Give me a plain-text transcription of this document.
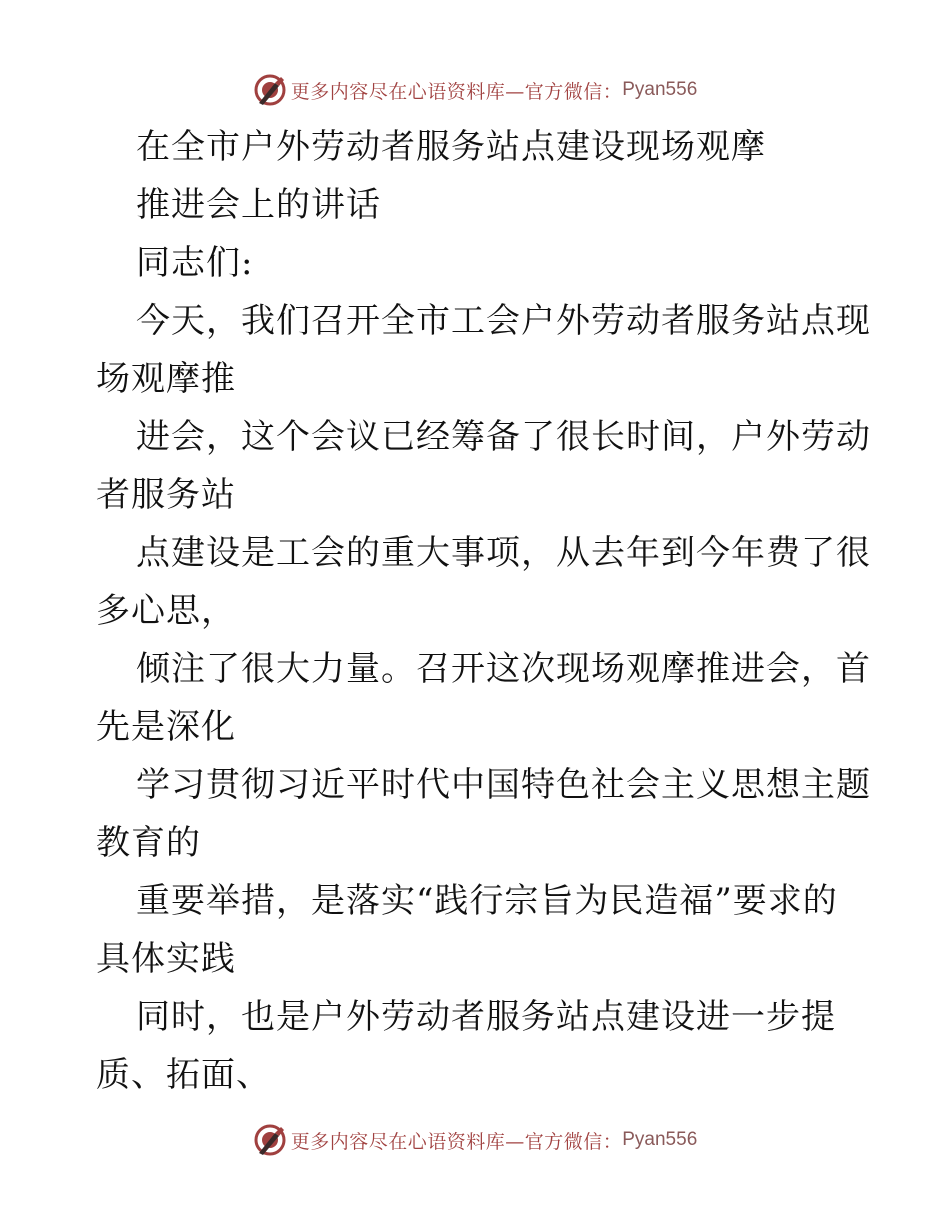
更多内容尽在心语资料库—官方微信： Pyan556
在全市户外劳动者服务站点建设现场观摩
推进会上的讲话
同志们:
今天，我们召开全市工会户外劳动者服务站点现
场观摩推
进会，这个会议已经筹备了很长时间，户外劳动
者服务站
点建设是工会的重大事项，从去年到今年费了很
多心思，
倾注了很大力量。召开这次现场观摩推进会，首
先是深化
学习贯彻习近平时代中国特色社会主义思想主题
教育的
重要举措，是落实“践行宗旨为民造福”要求的
具体实践
同时，也是户外劳动者服务站点建设进一步提
质、拓面、
更多内容尽在心语资料库—官方微信： Pyan556
